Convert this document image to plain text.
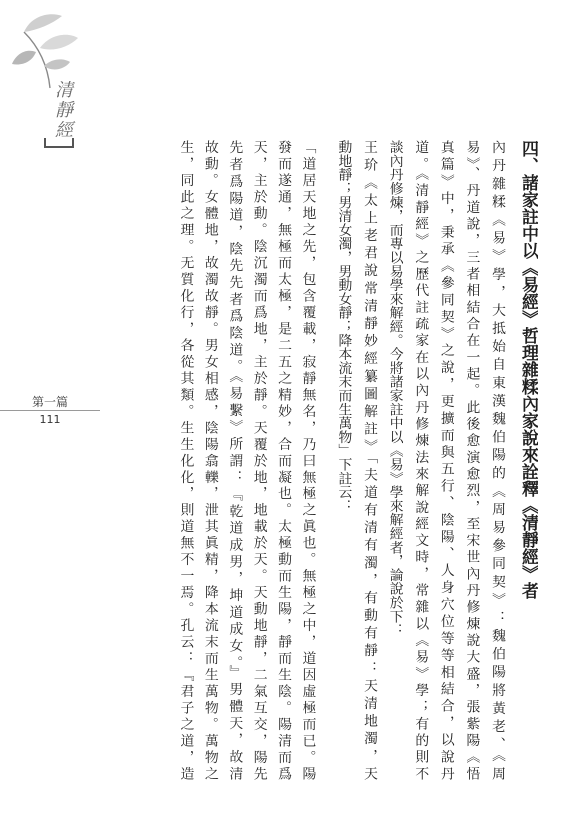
清靜經
第一篇
111	四、諸家註中以《易經》哲理雜糅內家說來詮釋《清靜經》者

內丹雜糅《易》學，大抵始自東漢魏伯陽的《周易參同契》：魏伯陽將黃老、《周

易》、丹道說，三者相結合在一起。此後愈演愈烈，至宋世內丹修煉說大盛，張紫陽《悟

真篇》中，秉承《參同契》之說，更擴而與五行、陰陽、人身穴位等等相結合，以說丹

道。《清靜經》之歷代註疏家在以內丹修煉法來解說經文時，常雜以《易》學；有的則不

談內丹修煉，而專以易學來解經。今將諸家註中以《易》學來解經者，論說於下：

王玠《太上老君說常清靜妙經纂圖解註》「夫道有清有濁，有動有靜：天清地濁，天

動地靜；男清女濁，男動女靜；降本流末而生萬物」下註云：

「道居天地之先，包含覆載，寂靜無名，乃曰無極之眞也。無極之中，道因虛極而已。陽

發而遂通，無極而太極，是二五之精妙，合而凝也。太極動而生陽，靜而生陰。陽清而爲

天，主於動。陰沉濁而爲地，主於靜。天覆於地，地載於天。天動地靜，二氣互交，陽先

先者爲陽道，陰先先者爲陰道。《易繫》所謂：『乾道成男，坤道成女。』男體天，故清

故動。女體地，故濁故靜。男女相感，陰陽翕轢，泄其眞精，降本流末而生萬物。萬物之

生，同此之理。无質化行，各從其類。生生化化，則道無不一焉。孔云：『君子之道，造
